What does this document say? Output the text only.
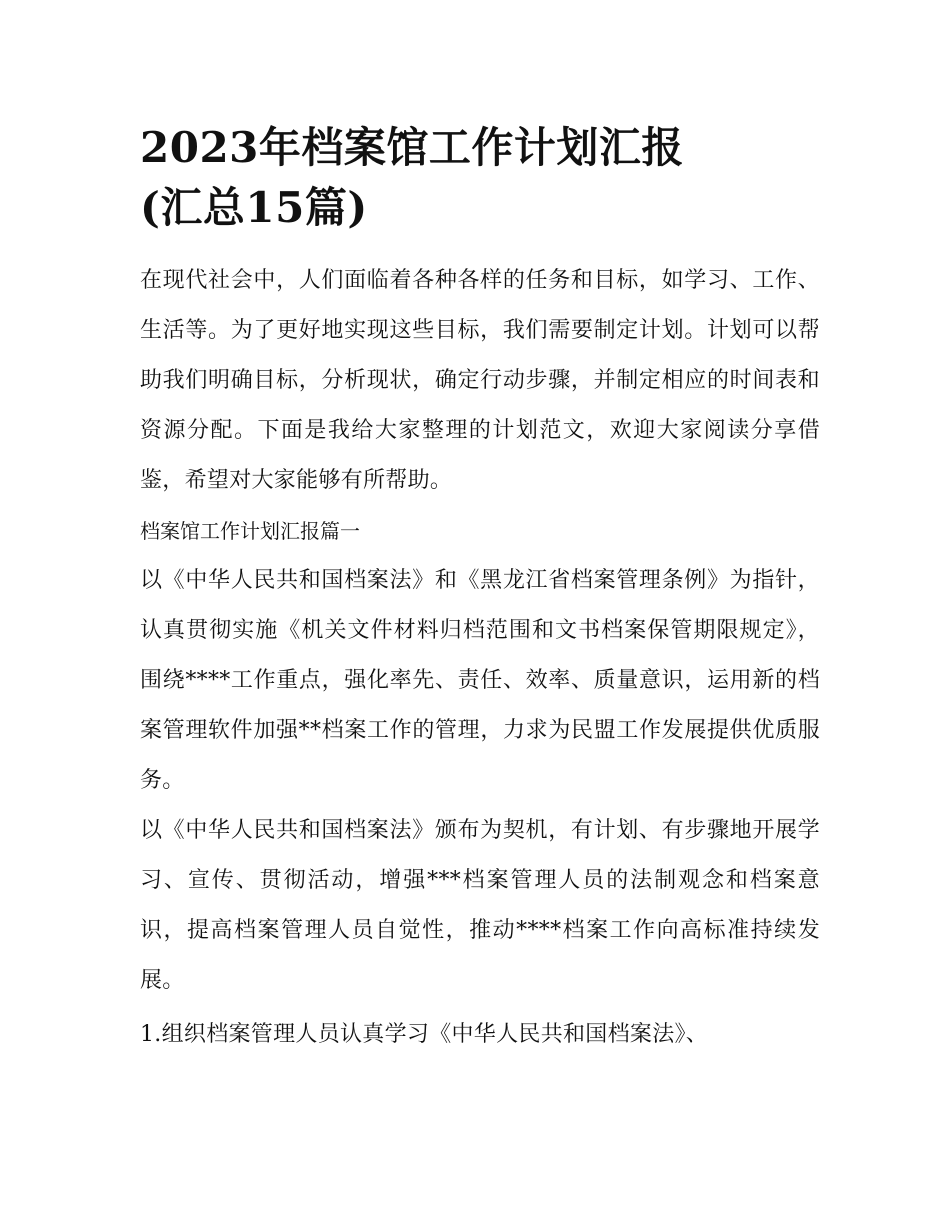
2023年档案馆工作计划汇报
(汇总15篇)

在现代社会中，人们面临着各种各样的任务和目标，如学习、工作、生活等。为了更好地实现这些目标，我们需要制定计划。计划可以帮助我们明确目标，分析现状，确定行动步骤，并制定相应的时间表和资源分配。下面是我给大家整理的计划范文，欢迎大家阅读分享借鉴，希望对大家能够有所帮助。

档案馆工作计划汇报篇一

以《中华人民共和国档案法》和《黑龙江省档案管理条例》为指针，认真贯彻实施《机关文件材料归档范围和文书档案保管期限规定》，围绕****工作重点，强化率先、责任、效率、质量意识，运用新的档案管理软件加强**档案工作的管理，力求为民盟工作发展提供优质服务。

以《中华人民共和国档案法》颁布为契机，有计划、有步骤地开展学习、宣传、贯彻活动，增强***档案管理人员的法制观念和档案意识，提高档案管理人员自觉性，推动****档案工作向高标准持续发展。

1.组织档案管理人员认真学习《中华人民共和国档案法》、
